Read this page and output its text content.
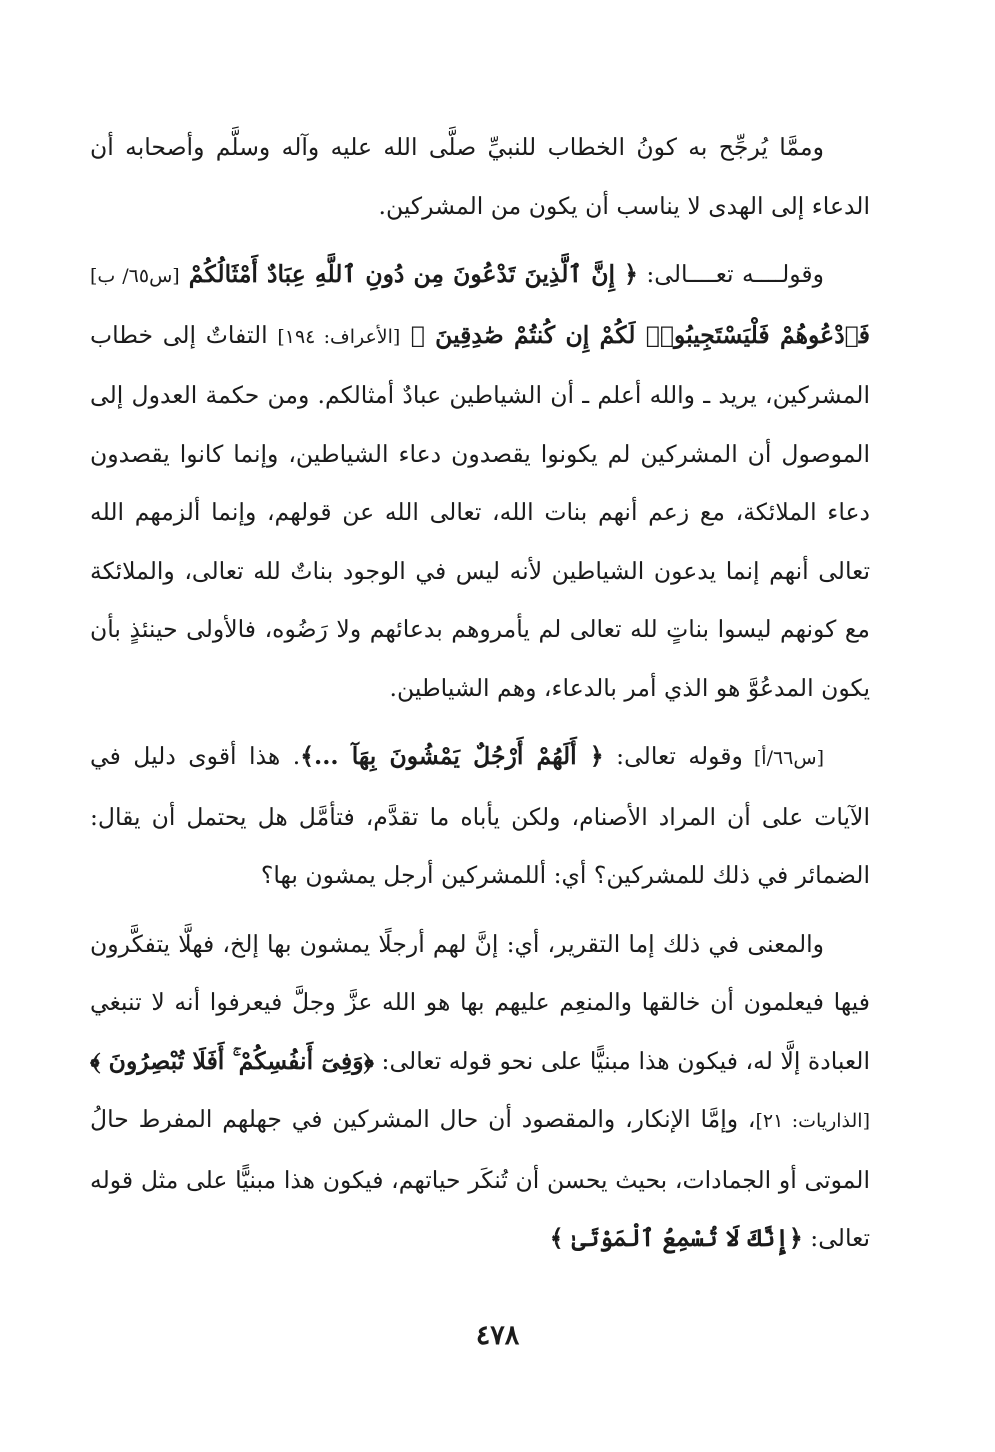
وممَّا يُرجِّح به كونُ الخطاب للنبيِّ صلَّى الله عليه وآله وسلَّم وأصحابه أن الدعاء إلى الهدى لا يناسب أن يكون من المشركين.

وقولــــه تعــــالى: ﴿ إِنَّ ٱلَّذِينَ تَدْعُونَ مِن دُونِ ٱللَّهِ عِبَادٌ أَمْثَالُكُمْ [س٦٥/ ب] فَٱدْعُوهُمْ فَلْيَسْتَجِيبُوا۟ لَكُمْ إِن كُنتُمْ صَٰدِقِينَ ﴾ [الأعراف: ١٩٤] التفاتٌ إلى خطاب المشركين، يريد ـ والله أعلم ـ أن الشياطين عبادٌ أمثالكم. ومن حكمة العدول إلى الموصول أن المشركين لم يكونوا يقصدون دعاء الشياطين، وإنما كانوا يقصدون دعاء الملائكة، مع زعم أنهم بنات الله، تعالى الله عن قولهم، وإنما ألزمهم الله تعالى أنهم إنما يدعون الشياطين لأنه ليس في الوجود بناتٌ لله تعالى، والملائكة مع كونهم ليسوا بناتٍ لله تعالى لم يأمروهم بدعائهم ولا رَضُوه، فالأولى حينئذٍ بأن يكون المدعُوَّ هو الذي أمر بالدعاء، وهم الشياطين.

[س٦٦/أ] وقوله تعالى: ﴿ أَلَهُمْ أَرْجُلٌ يَمْشُونَ بِهَآ ...﴾. هذا أقوى دليل في الآيات على أن المراد الأصنام، ولكن يأباه ما تقدَّم، فتأمَّل هل يحتمل أن يقال: الضمائر في ذلك للمشركين؟ أي: أللمشركين أرجل يمشون بها؟

والمعنى في ذلك إما التقرير، أي: إنَّ لهم أرجلًا يمشون بها إلخ، فهلَّا يتفكَّرون فيها فيعلمون أن خالقها والمنعِم عليهم بها هو الله عزَّ وجلَّ فيعرفوا أنه لا تنبغي العبادة إلَّا له، فيكون هذا مبنيًّا على نحو قوله تعالى: ﴿وَفِىٓ أَنفُسِكُمْ ۚ أَفَلَا تُبْصِرُونَ ﴾ [الذاريات: ٢١]، وإمَّا الإنكار، والمقصود أن حال المشركين في جهلهم المفرط حالُ الموتى أو الجمادات، بحيث يحسن أن تُنكَر حياتهم، فيكون هذا مبنيًّا على مثل قوله تعالى: ﴿إِنَّكَ لَا تُسْمِعُ ٱلْمَوْتَىٰ ﴾

٤٧٨
